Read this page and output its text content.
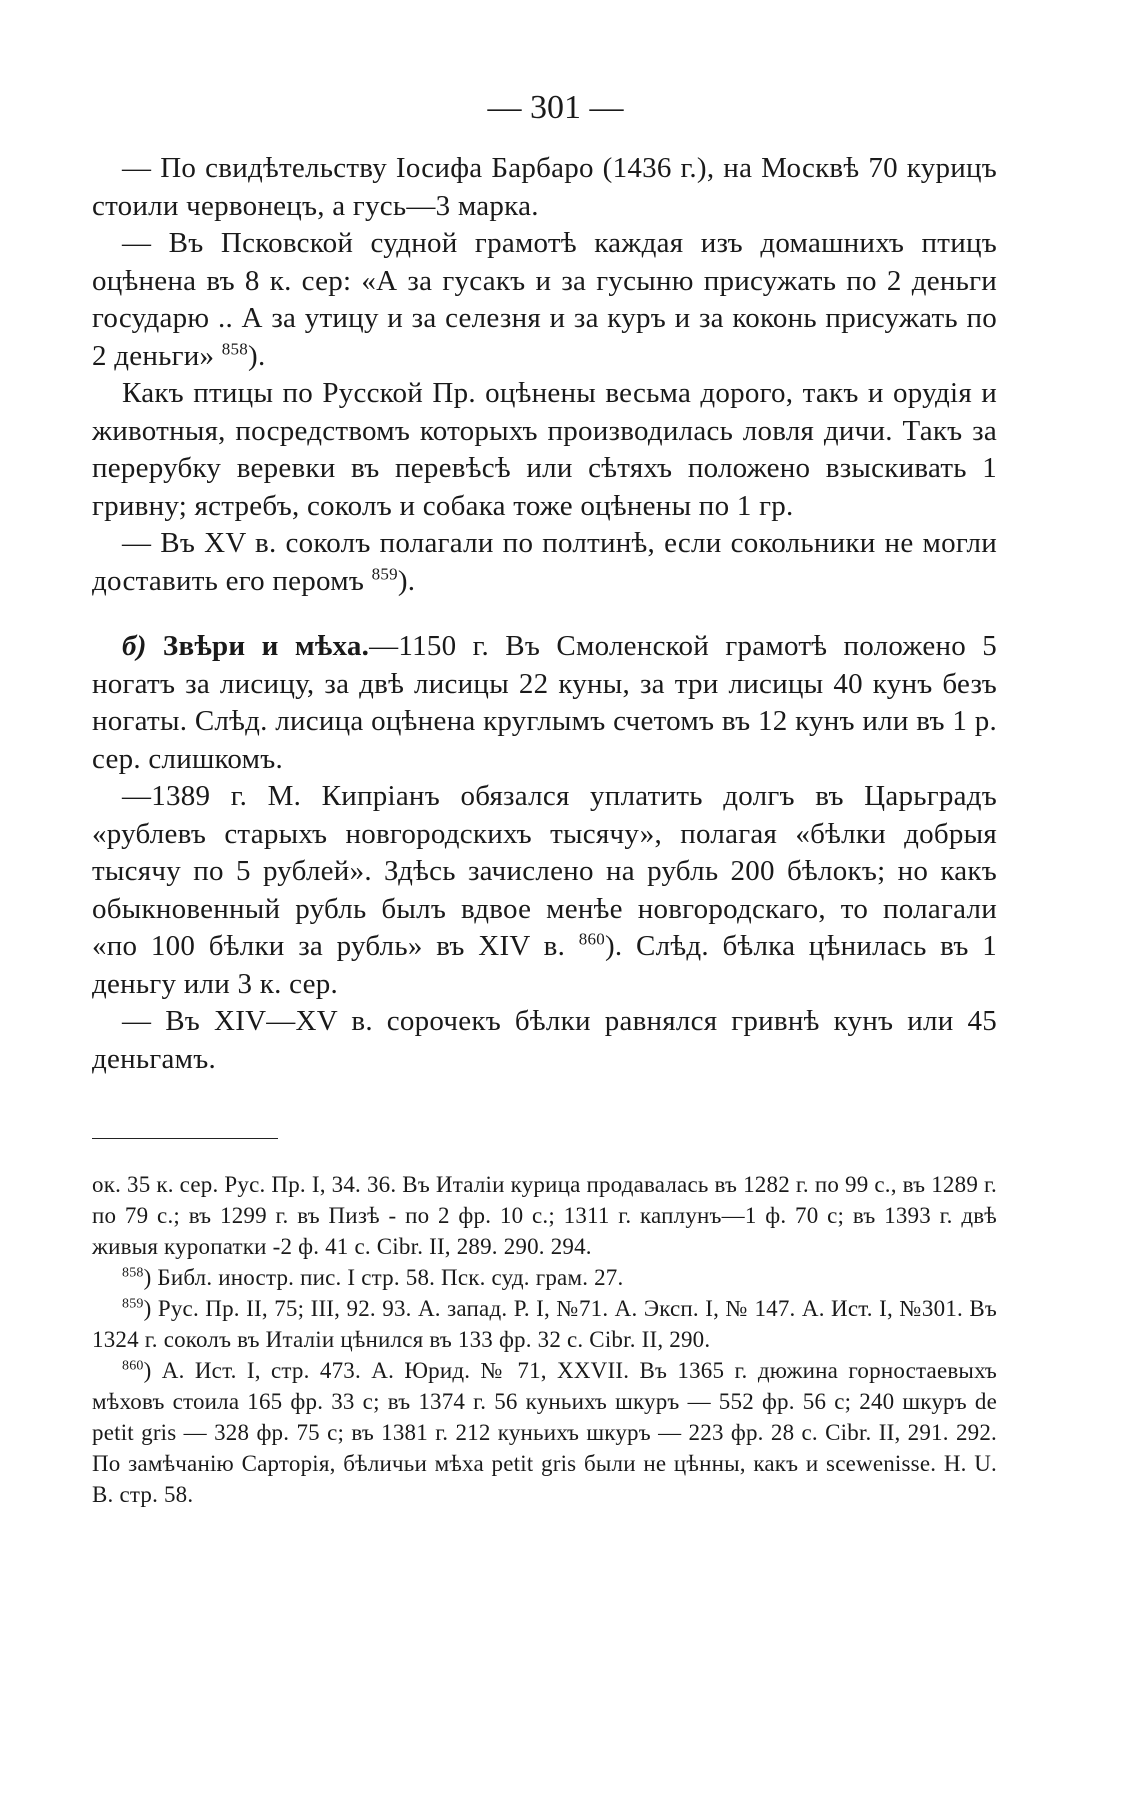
— 301 —

— По свидѣтельству Іосифа Барбаро (1436 г.), на Москвѣ 70 курицъ стоили червонецъ, а гусь—3 марка.

— Въ Псковской судной грамотѣ каждая изъ домашнихъ птицъ оцѣнена въ 8 к. сер: «А за гусакъ и за гусыню присужать по 2 деньги государю .. А за утицу и за селезня и за куръ и за коконь присужать по 2 деньги» $^{858}$).

Какъ птицы по Русской Пр. оцѣнены весьма дорого, такъ и орудія и животныя, посредствомъ которыхъ производилась ловля дичи. Такъ за перерубку веревки въ перевѣсѣ или сѣтяхъ положено взыскивать 1 гривну; ястребъ, соколъ и собака тоже оцѣнены по 1 гр.

— Въ XV в. соколъ полагали по полтинѣ, если сокольники не могли доставить его перомъ $^{859}$).

б) Звѣри и мѣха.—1150 г. Въ Смоленской грамотѣ положено 5 ногатъ за лисицу, за двѣ лисицы 22 куны, за три лисицы 40 кунъ безъ ногаты. Слѣд. лисица оцѣнена круглымъ счетомъ въ 12 кунъ или въ 1 р. сер. слишкомъ.

—1389 г. М. Кипріанъ обязался уплатить долгъ въ Царьградъ «рублевъ старыхъ новгородскихъ тысячу», полагая «бѣлки добрыя тысячу по 5 рублей». Здѣсь зачислено на рубль 200 бѣлокъ; но какъ обыкновенный рубль былъ вдвое менѣе новгородскаго, то полагали «по 100 бѣлки за рубль» въ XIV в. $^{860}$). Слѣд. бѣлка цѣнилась въ 1 деньгу или 3 к. сер.

— Въ XIV—XV в. сорочекъ бѣлки равнялся гривнѣ кунъ или 45 деньгамъ.

ок. 35 к. сер. Рус. Пр. I, 34. 36. Въ Италіи курица продавалась въ 1282 г. по 99 с., въ 1289 г. по 79 с.; въ 1299 г. въ Пизѣ - по 2 фр. 10 с.; 1311 г. каплунъ—1 ф. 70 с; въ 1393 г. двѣ живыя куропатки -2 ф. 41 с. Cibr. II, 289. 290. 294.

$^{858}$) Библ. иностр. пис. I стр. 58. Пск. суд. грам. 27.

$^{859}$) Рус. Пр. II, 75; III, 92. 93. А. запад. Р. I, №71. А. Эксп. I, № 147. А. Ист. I, №301. Въ 1324 г. соколъ въ Италіи цѣнился въ 133 фр. 32 с. Cibr. II, 290.

$^{860}$) А. Ист. I, стр. 473. А. Юрид. № 71, XXVII. Въ 1365 г. дюжина горностаевыхъ мѣховъ стоила 165 фр. 33 с; въ 1374 г. 56 куньихъ шкуръ — 552 фр. 56 с; 240 шкуръ de petit gris — 328 фр. 75 с; въ 1381 г. 212 куньихъ шкуръ — 223 фр. 28 с. Cibr. II, 291. 292. По замѣчанію Сарторія, бѣличьи мѣха petit gris были не цѣнны, какъ и scewenisse. H. U. B. стр. 58.
